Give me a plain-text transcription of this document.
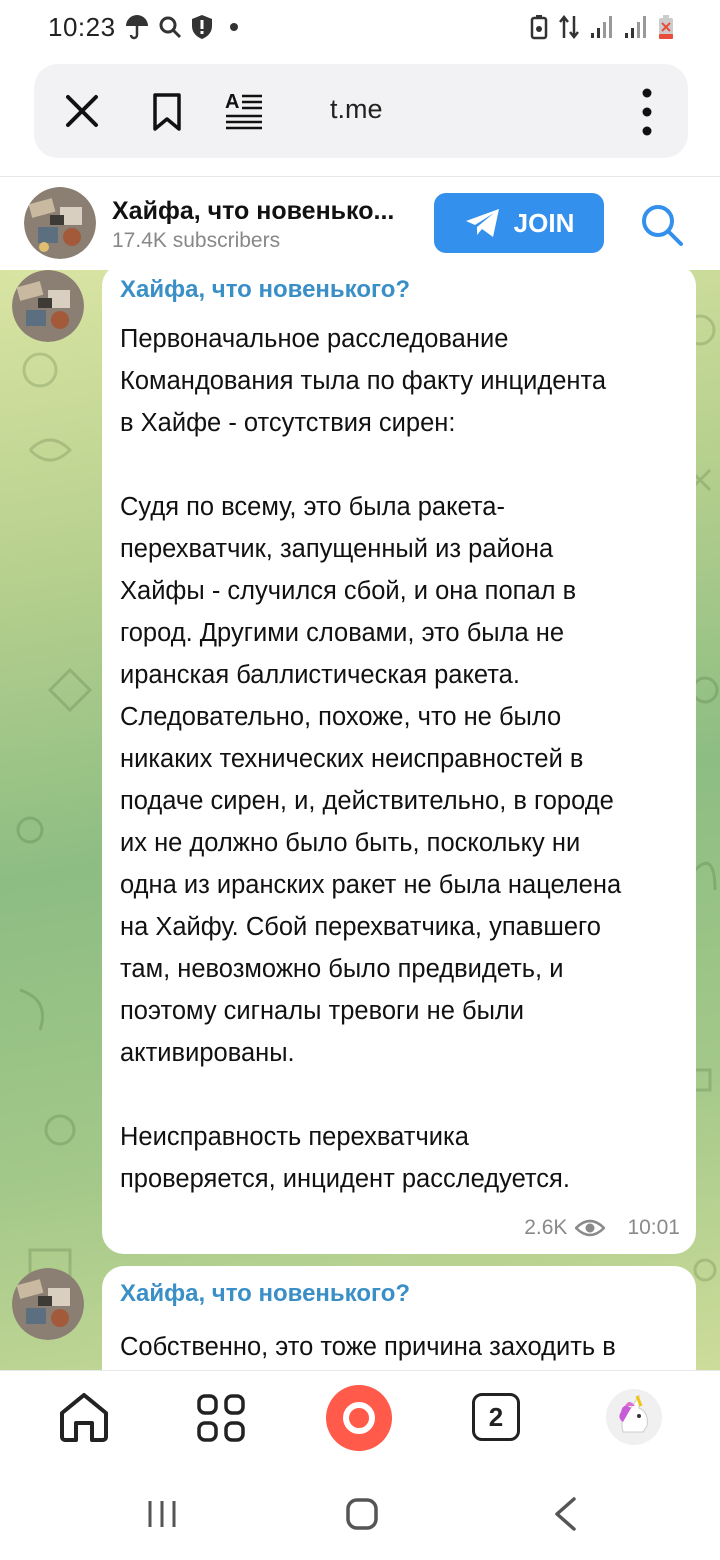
10:23
A	t.me
Хайфа, что новенько...
17.4K subscribers
JOIN
Хайфа, что новенького?
Первоначальное расследование
Командования тыла по факту инцидента
в Хайфе - отсутствия сирен:

Судя по всему, это была ракета-
перехватчик, запущенный из района
Хайфы - случился сбой, и она попал в
город. Другими словами, это была не
иранская баллистическая ракета.
Следовательно, похоже, что не было
никаких технических неисправностей в
подаче сирен, и, действительно, в городе
их не должно было быть, поскольку ни
одна из иранских ракет не была нацелена
на Хайфу. Сбой перехватчика, упавшего
там, невозможно было предвидеть, и
поэтому сигналы тревоги не были
активированы.

Неисправность перехватчика
проверяется, инцидент расследуется.
2.6K	10:01
Хайфа, что новенького?
Собственно, это тоже причина заходить в
2
